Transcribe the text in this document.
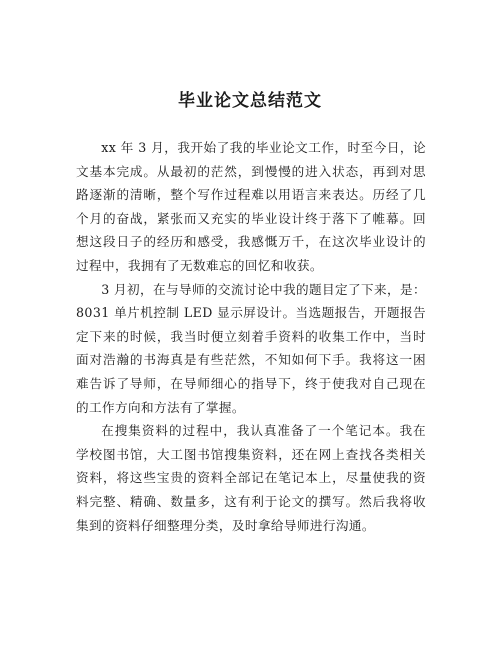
毕业论文总结范文

xx 年 3 月，我开始了我的毕业论文工作，时至今日，论文基本完成。从最初的茫然，到慢慢的进入状态，再到对思路逐渐的清晰，整个写作过程难以用语言来表达。历经了几个月的奋战，紧张而又充实的毕业设计终于落下了帷幕。回想这段日子的经历和感受，我感慨万千，在这次毕业设计的过程中，我拥有了无数难忘的回忆和收获。

3 月初，在与导师的交流讨论中我的题目定了下来，是：8031 单片机控制 LED 显示屏设计。当选题报告，开题报告定下来的时候，我当时便立刻着手资料的收集工作中，当时面对浩瀚的书海真是有些茫然，不知如何下手。我将这一困难告诉了导师，在导师细心的指导下，终于使我对自己现在的工作方向和方法有了掌握。

在搜集资料的过程中，我认真准备了一个笔记本。我在学校图书馆，大工图书馆搜集资料，还在网上查找各类相关资料，将这些宝贵的资料全部记在笔记本上，尽量使我的资料完整、精确、数量多，这有利于论文的撰写。然后我将收集到的资料仔细整理分类，及时拿给导师进行沟通。
